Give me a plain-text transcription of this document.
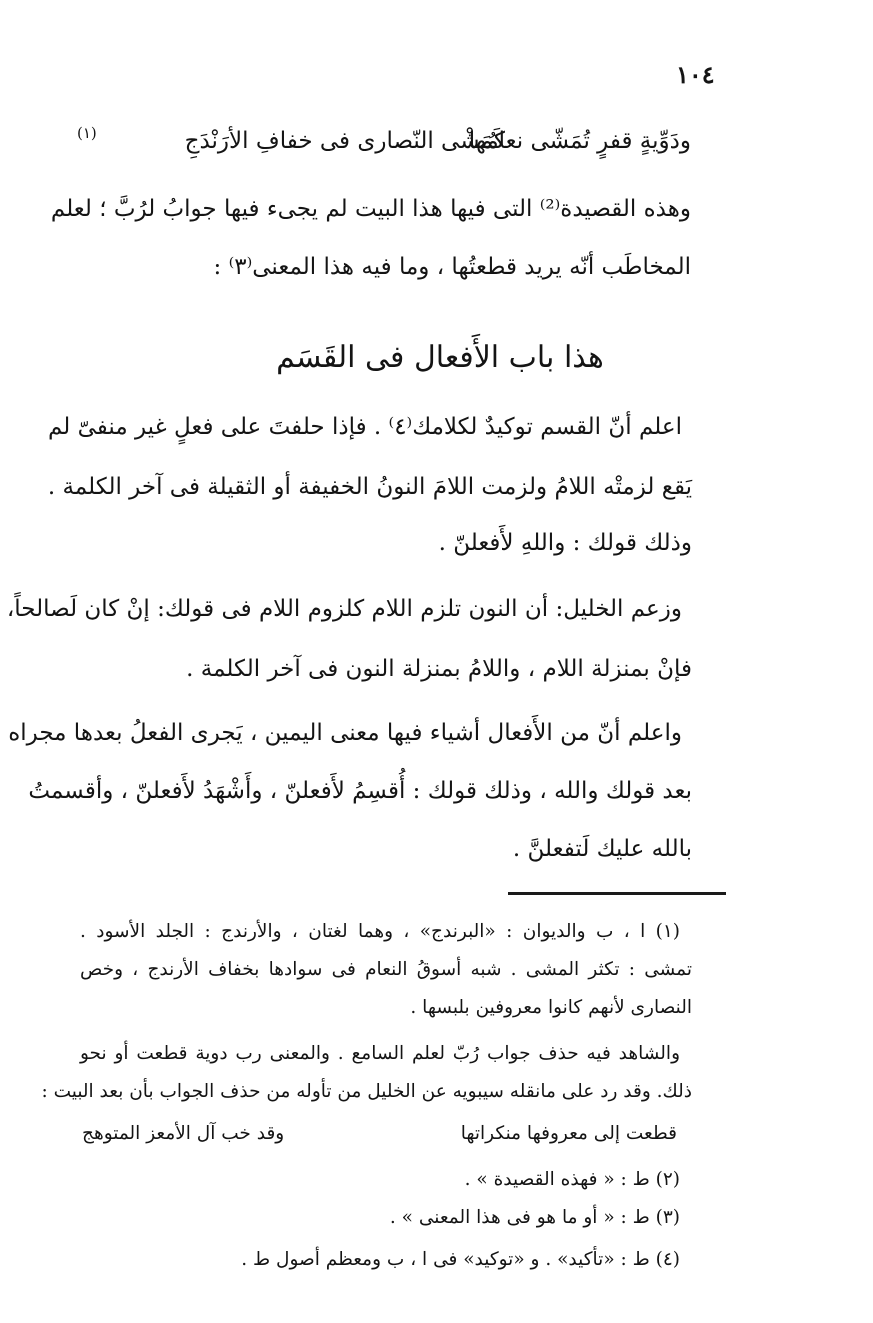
١٠٤
ودَوِّيةٍ قفرٍ تُمَشّى نعامُها
كَمَشْى النّصارى فى خفافِ الأرَنْدَجِ
(١)
وهذه القصيدة⁽²⁾ التى فيها هذا البيت لم يجىء فيها جوابُ لرُبَّ ؛ لعلم
المخاطَب أنّه يريد قطعتُها ، وما فيه هذا المعنى⁽٣⁾ :
هذا باب الأَفعال فى القَسَم
اعلم أنّ القسم توكيدٌ لكلامك⁽٤⁾ . فإذا حلفتَ على فعلٍ غير منفىّ لم
يَقع لزمتْه اللامُ ولزمت اللامَ النونُ الخفيفة أو الثقيلة فى آخر الكلمة .
وذلك قولك : واللهِ لأَفعلنّ .
وزعم الخليل: أن النون تلزم اللام كلزوم اللام فى قولك: إنْ كان لَصالحاً،
فإنْ بمنزلة اللام ، واللامُ بمنزلة النون فى آخر الكلمة .
واعلم أنّ من الأَفعال أشياء فيها معنى اليمين ، يَجرى الفعلُ بعدها مجراه
بعد قولك والله ، وذلك قولك : أُقسِمُ لأَفعلنّ ، وأَشْهَدُ لأَفعلنّ ، وأقسمتُ
بالله عليك لَتفعلنَّ .
(١) ا ، ب والديوان : «البرندج» ، وهما لغتان ، والأرندج : الجلد الأسود .
تمشى : تكثر المشى . شبه أسوقُ النعام فى سوادها بخفاف الأرندج ، وخص
النصارى لأنهم كانوا معروفين بلبسها .
والشاهد فيه حذف جواب رُبّ لعلم السامع . والمعنى رب دوية قطعت أو نحو
ذلك. وقد رد على مانقله سيبويه عن الخليل من تأوله من حذف الجواب بأن بعد البيت :
قطعت إلى معروفها منكراتها
وقد خب آل الأمعز المتوهج
(٢) ط : « فهذه القصيدة » .
(٣) ط : « أو ما هو فى هذا المعنى » .
(٤) ط : «تأكيد» . و «توكيد» فى ا ، ب ومعظم أصول ط .
